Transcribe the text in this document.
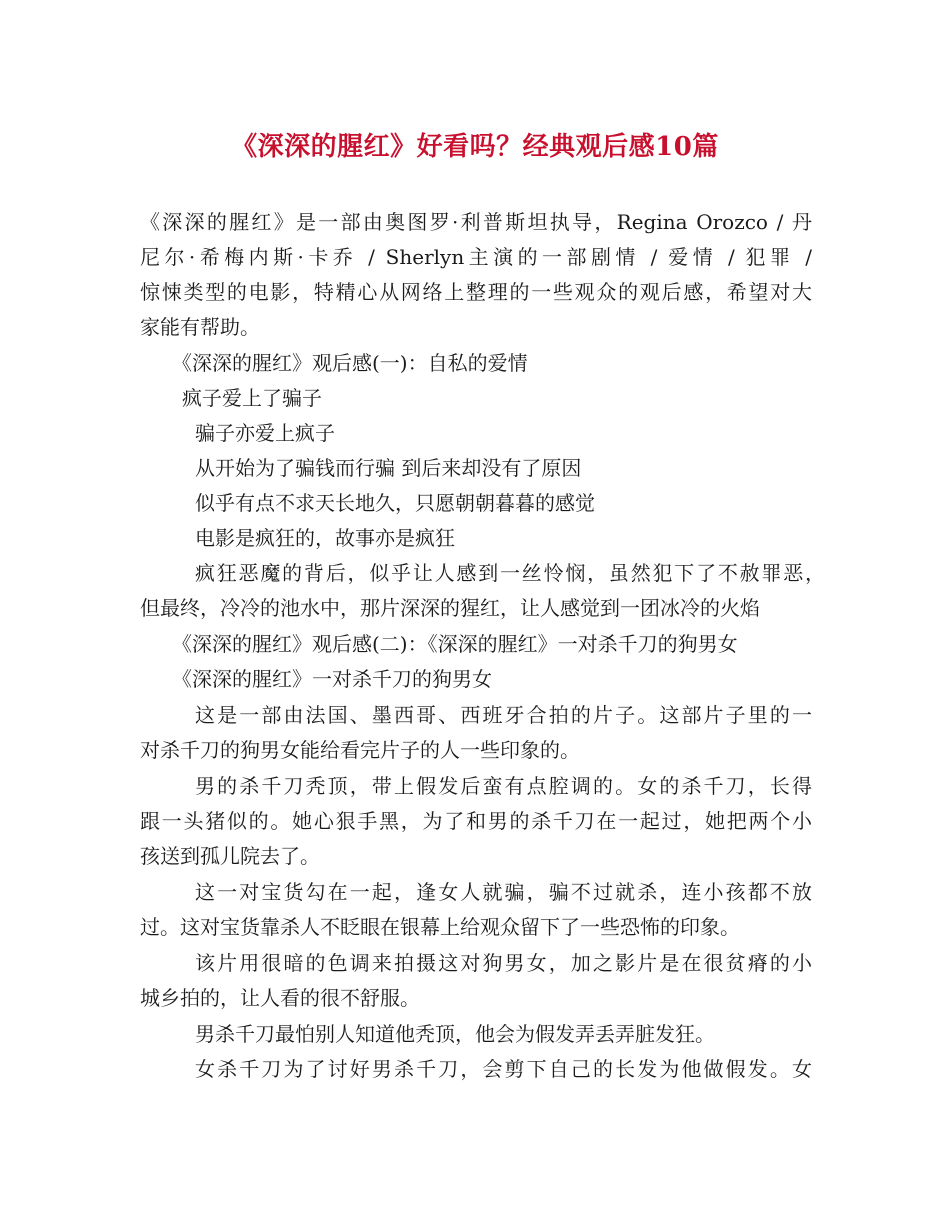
《深深的腥红》好看吗？经典观后感10篇
《深深的腥红》是一部由奥图罗·利普斯坦执导，Regina Orozco / 丹
尼尔·希梅内斯·卡乔 / Sherlyn主演的一部剧情 / 爱情 / 犯罪 /
惊悚类型的电影，特精心从网络上整理的一些观众的观后感，希望对大
家能有帮助。
《深深的腥红》观后感(一)：自私的爱情
疯子爱上了骗子
骗子亦爱上疯子
从开始为了骗钱而行骗 到后来却没有了原因
似乎有点不求天长地久，只愿朝朝暮暮的感觉
电影是疯狂的，故事亦是疯狂
疯狂恶魔的背后，似乎让人感到一丝怜悯，虽然犯下了不赦罪恶，
但最终，冷冷的池水中，那片深深的猩红，让人感觉到一团冰冷的火焰
《深深的腥红》观后感(二)：《深深的腥红》一对杀千刀的狗男女
《深深的腥红》一对杀千刀的狗男女
这是一部由法国、墨西哥、西班牙合拍的片子。这部片子里的一
对杀千刀的狗男女能给看完片子的人一些印象的。
男的杀千刀秃顶，带上假发后蛮有点腔调的。女的杀千刀，长得
跟一头猪似的。她心狠手黑，为了和男的杀千刀在一起过，她把两个小
孩送到孤儿院去了。
这一对宝货勾在一起，逢女人就骗，骗不过就杀，连小孩都不放
过。这对宝货靠杀人不眨眼在银幕上给观众留下了一些恐怖的印象。
该片用很暗的色调来拍摄这对狗男女，加之影片是在很贫瘠的小
城乡拍的，让人看的很不舒服。
男杀千刀最怕别人知道他秃顶，他会为假发弄丢弄脏发狂。
女杀千刀为了讨好男杀千刀，会剪下自己的长发为他做假发。女
